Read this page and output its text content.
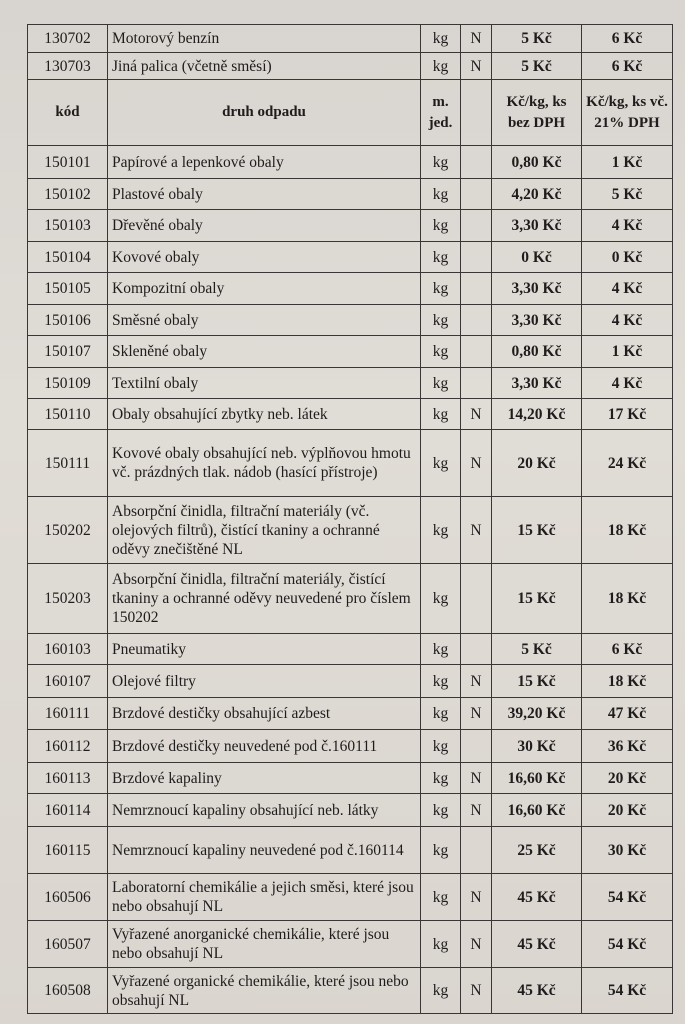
130702	Motorový benzín	kg	N	5 Kč	6 Kč
130703	Jiná palica (včetně směsí)	kg	N	5 Kč	6 Kč
kód	druh odpadu	m. jed.		Kč/kg, ks bez DPH	Kč/kg, ks vč. 21% DPH
150101	Papírové a lepenkové obaly	kg		0,80 Kč	1 Kč
150102	Plastové obaly	kg		4,20 Kč	5 Kč
150103	Dřevěné obaly	kg		3,30 Kč	4 Kč
150104	Kovové obaly	kg		0 Kč	0 Kč
150105	Kompozitní obaly	kg		3,30 Kč	4 Kč
150106	Směsné obaly	kg		3,30 Kč	4 Kč
150107	Skleněné obaly	kg		0,80 Kč	1 Kč
150109	Textilní obaly	kg		3,30 Kč	4 Kč
150110	Obaly obsahující zbytky neb. látek	kg	N	14,20 Kč	17 Kč
150111	Kovové obaly obsahující neb. výplňovou hmotu vč. prázdných tlak. nádob (hasící přístroje)	kg	N	20 Kč	24 Kč
150202	Absorpční činidla, filtrační materiály (vč. olejových filtrů), čistící tkaniny a ochranné oděvy znečištěné NL	kg	N	15 Kč	18 Kč
150203	Absorpční činidla, filtrační materiály, čistící tkaniny a ochranné oděvy neuvedené pro číslem 150202	kg		15 Kč	18 Kč
160103	Pneumatiky	kg		5 Kč	6 Kč
160107	Olejové filtry	kg	N	15 Kč	18 Kč
160111	Brzdové destičky obsahující azbest	kg	N	39,20 Kč	47 Kč
160112	Brzdové destičky neuvedené pod č.160111	kg		30 Kč	36 Kč
160113	Brzdové kapaliny	kg	N	16,60 Kč	20 Kč
160114	Nemrznoucí kapaliny obsahující neb. látky	kg	N	16,60 Kč	20 Kč
160115	Nemrznoucí kapaliny neuvedené pod č.160114	kg		25 Kč	30 Kč
160506	Laboratorní chemikálie a jejich směsi, které jsou nebo obsahují NL	kg	N	45 Kč	54 Kč
160507	Vyřazené anorganické chemikálie, které jsou nebo obsahují NL	kg	N	45 Kč	54 Kč
160508	Vyřazené organické chemikálie, které jsou nebo obsahují NL	kg	N	45 Kč	54 Kč
